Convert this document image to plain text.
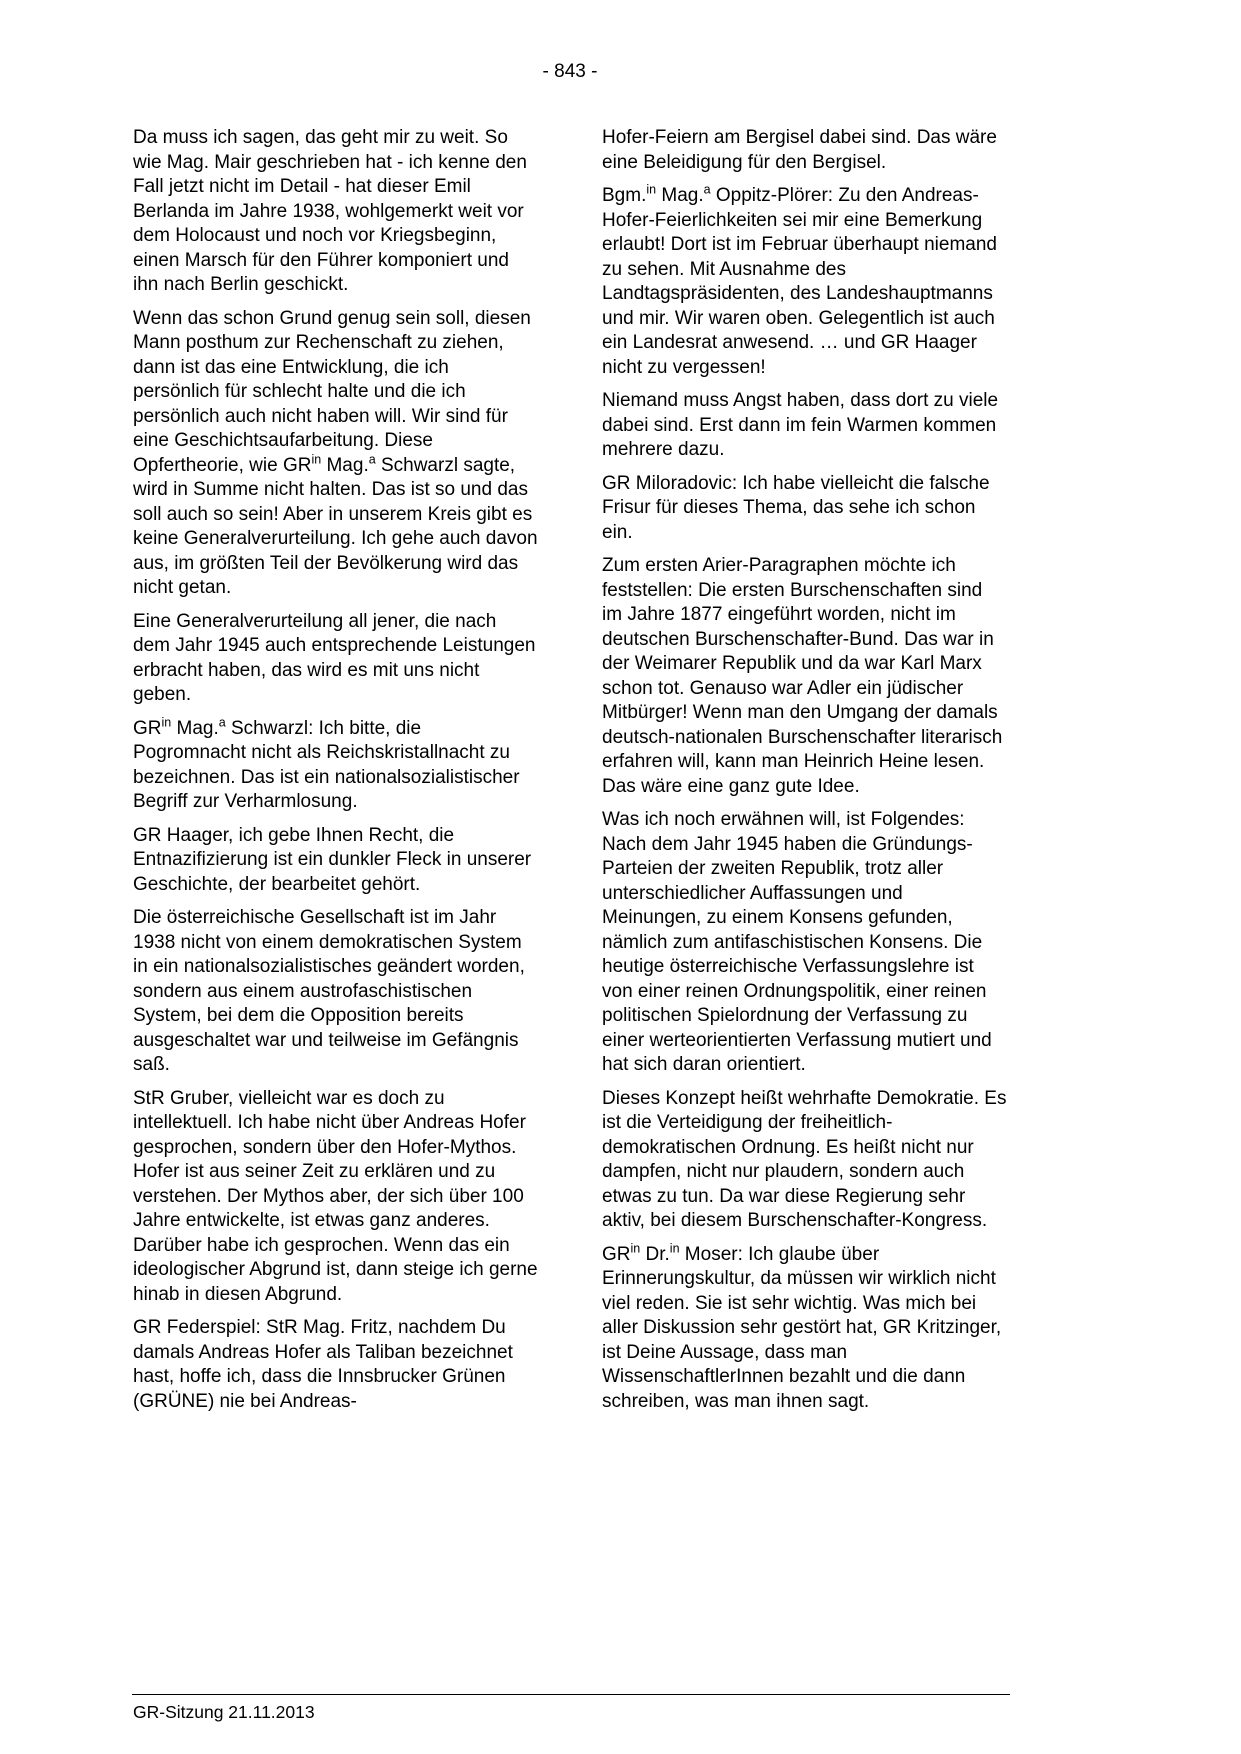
- 843 -

Da muss ich sagen, das geht mir zu weit. So wie Mag. Mair geschrieben hat - ich kenne den Fall jetzt nicht im Detail - hat dieser Emil Berlanda im Jahre 1938, wohlgemerkt weit vor dem Holocaust und noch vor Kriegsbeginn, einen Marsch für den Führer komponiert und ihn nach Berlin geschickt.

Wenn das schon Grund genug sein soll, diesen Mann posthum zur Rechenschaft zu ziehen, dann ist das eine Entwicklung, die ich persönlich für schlecht halte und die ich persönlich auch nicht haben will. Wir sind für eine Geschichtsaufarbeitung. Diese Opfertheorie, wie $GR^{in}$ Mag.$^a$ Schwarzl sagte, wird in Summe nicht halten. Das ist so und das soll auch so sein! Aber in unserem Kreis gibt es keine Generalverurteilung. Ich gehe auch davon aus, im größten Teil der Bevölkerung wird das nicht getan.

Eine Generalverurteilung all jener, die nach dem Jahr 1945 auch entsprechende Leistungen erbracht haben, das wird es mit uns nicht geben.

$GR^{in}$ Mag.$^a$ Schwarzl: Ich bitte, die Pogromnacht nicht als Reichskristallnacht zu bezeichnen. Das ist ein nationalsozialistischer Begriff zur Verharmlosung.

GR Haager, ich gebe Ihnen Recht, die Entnazifizierung ist ein dunkler Fleck in unserer Geschichte, der bearbeitet gehört.

Die österreichische Gesellschaft ist im Jahr 1938 nicht von einem demokratischen System in ein nationalsozialistisches geändert worden, sondern aus einem austrofaschistischen System, bei dem die Opposition bereits ausgeschaltet war und teilweise im Gefängnis saß.

StR Gruber, vielleicht war es doch zu intellektuell. Ich habe nicht über Andreas Hofer gesprochen, sondern über den Hofer-Mythos. Hofer ist aus seiner Zeit zu erklären und zu verstehen. Der Mythos aber, der sich über 100 Jahre entwickelte, ist etwas ganz anderes. Darüber habe ich gesprochen. Wenn das ein ideologischer Abgrund ist, dann steige ich gerne hinab in diesen Abgrund.

GR Federspiel: StR Mag. Fritz, nachdem Du damals Andreas Hofer als Taliban bezeichnet hast, hoffe ich, dass die Innsbrucker Grünen (GRÜNE) nie bei Andreas-

Hofer-Feiern am Bergisel dabei sind. Das wäre eine Beleidigung für den Bergisel.

Bgm.$^{in}$ Mag.$^a$ Oppitz-Plörer: Zu den Andreas-Hofer-Feierlichkeiten sei mir eine Bemerkung erlaubt! Dort ist im Februar überhaupt niemand zu sehen. Mit Ausnahme des Landtagspräsidenten, des Landeshauptmanns und mir. Wir waren oben. Gelegentlich ist auch ein Landesrat anwesend. … und GR Haager nicht zu vergessen!

Niemand muss Angst haben, dass dort zu viele dabei sind. Erst dann im fein Warmen kommen mehrere dazu.

GR Miloradovic: Ich habe vielleicht die falsche Frisur für dieses Thema, das sehe ich schon ein.

Zum ersten Arier-Paragraphen möchte ich feststellen: Die ersten Burschenschaften sind im Jahre 1877 eingeführt worden, nicht im deutschen Burschenschafter-Bund. Das war in der Weimarer Republik und da war Karl Marx schon tot. Genauso war Adler ein jüdischer Mitbürger! Wenn man den Umgang der damals deutsch-nationalen Burschenschafter literarisch erfahren will, kann man Heinrich Heine lesen. Das wäre eine ganz gute Idee.

Was ich noch erwähnen will, ist Folgendes: Nach dem Jahr 1945 haben die Gründungs-Parteien der zweiten Republik, trotz aller unterschiedlicher Auffassungen und Meinungen, zu einem Konsens gefunden, nämlich zum antifaschistischen Konsens. Die heutige österreichische Verfassungslehre ist von einer reinen Ordnungspolitik, einer reinen politischen Spielordnung der Verfassung zu einer werteorientierten Verfassung mutiert und hat sich daran orientiert.

Dieses Konzept heißt wehrhafte Demokratie. Es ist die Verteidigung der freiheitlich-demokratischen Ordnung. Es heißt nicht nur dampfen, nicht nur plaudern, sondern auch etwas zu tun. Da war diese Regierung sehr aktiv, bei diesem Burschenschafter-Kongress.

$GR^{in}$ Dr.$^{in}$ Moser: Ich glaube über Erinnerungskultur, da müssen wir wirklich nicht viel reden. Sie ist sehr wichtig. Was mich bei aller Diskussion sehr gestört hat, GR Kritzinger, ist Deine Aussage, dass man WissenschaftlerInnen bezahlt und die dann schreiben, was man ihnen sagt.

GR-Sitzung 21.11.2013
